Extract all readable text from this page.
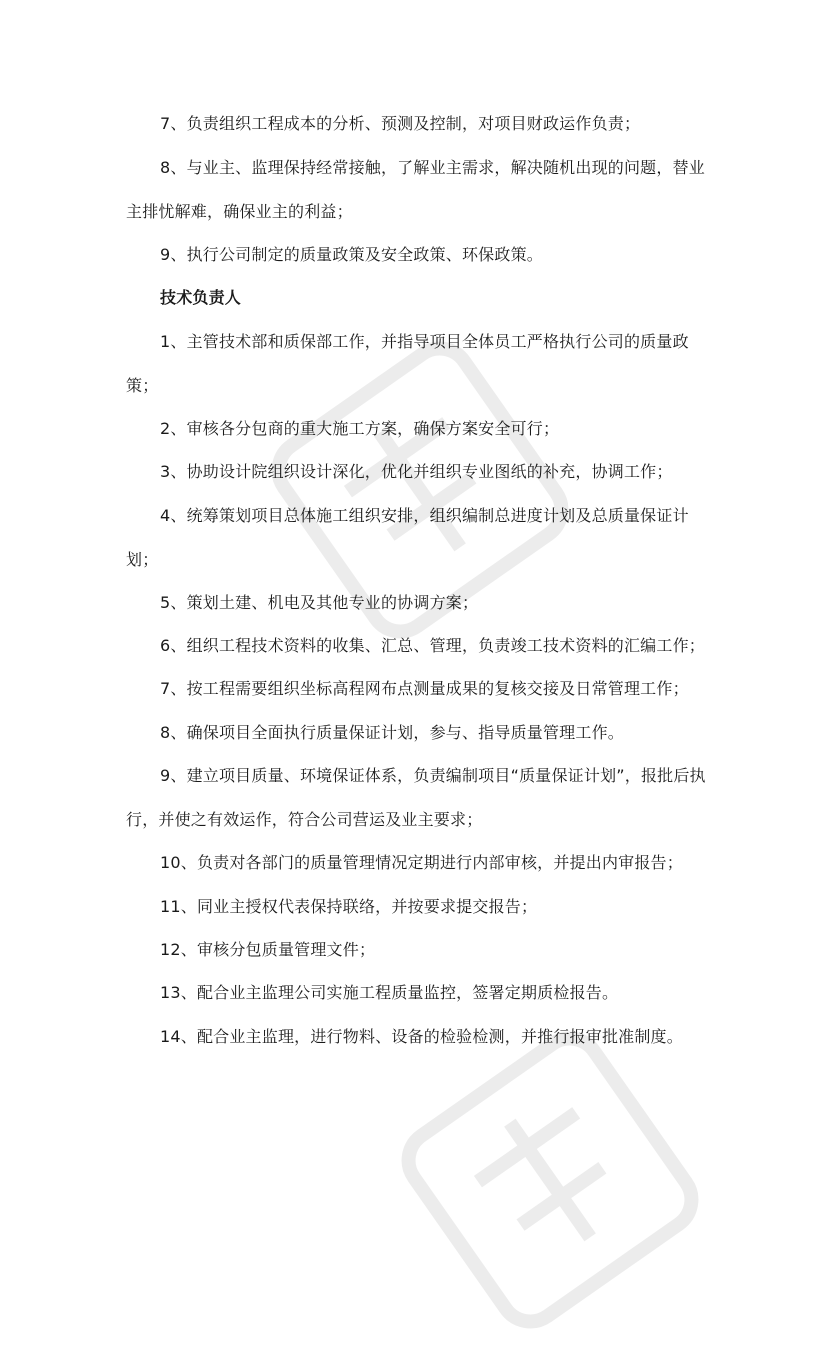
7、负责组织工程成本的分析、预测及控制，对项目财政运作负责；

8、与业主、监理保持经常接触，了解业主需求，解决随机出现的问题，替业主排忧解难，确保业主的利益；

9、执行公司制定的质量政策及安全政策、环保政策。

技术负责人

1、主管技术部和质保部工作，并指导项目全体员工严格执行公司的质量政策；

2、审核各分包商的重大施工方案，确保方案安全可行；

3、协助设计院组织设计深化，优化并组织专业图纸的补充，协调工作；

4、统筹策划项目总体施工组织安排，组织编制总进度计划及总质量保证计划；

5、策划土建、机电及其他专业的协调方案；

6、组织工程技术资料的收集、汇总、管理，负责竣工技术资料的汇编工作；

7、按工程需要组织坐标高程网布点测量成果的复核交接及日常管理工作；

8、确保项目全面执行质量保证计划，参与、指导质量管理工作。

9、建立项目质量、环境保证体系，负责编制项目“质量保证计划”，报批后执行，并使之有效运作，符合公司营运及业主要求；

10、负责对各部门的质量管理情况定期进行内部审核，并提出内审报告；

11、同业主授权代表保持联络，并按要求提交报告；

12、审核分包质量管理文件；

13、配合业主监理公司实施工程质量监控，签署定期质检报告。

14、配合业主监理，进行物料、设备的检验检测，并推行报审批准制度。
